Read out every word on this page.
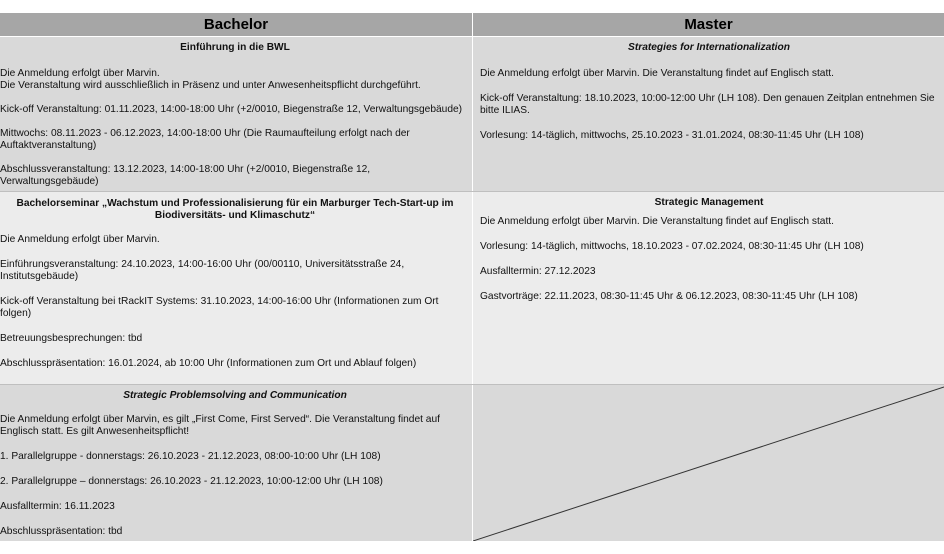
Bachelor	Master
Einführung in die BWL
Die Anmeldung erfolgt über Marvin.
Die Veranstaltung wird ausschließlich in Präsenz und unter Anwesenheitspflicht durchgeführt.
Kick-off Veranstaltung: 01.11.2023, 14:00-18:00 Uhr (+2/0010, Biegenstraße 12, Verwaltungsgebäude)
Mittwochs: 08.11.2023 - 06.12.2023, 14:00-18:00 Uhr (Die Raumaufteilung erfolgt nach der
Auftaktveranstaltung)
Abschlussveranstaltung: 13.12.2023, 14:00-18:00 Uhr (+2/0010, Biegenstraße 12,
Verwaltungsgebäude)
Strategies for Internationalization
Die Anmeldung erfolgt über Marvin. Die Veranstaltung findet auf Englisch statt.
Kick-off Veranstaltung: 18.10.2023, 10:00-12:00 Uhr (LH 108). Den genauen Zeitplan entnehmen Sie
bitte ILIAS.
Vorlesung: 14-täglich, mittwochs, 25.10.2023 - 31.01.2024, 08:30-11:45 Uhr (LH 108)
Bachelorseminar „Wachstum und Professionalisierung für ein Marburger Tech-Start-up im
Biodiversitäts- und Klimaschutz“
Die Anmeldung erfolgt über Marvin.
Einführungsveranstaltung: 24.10.2023, 14:00-16:00 Uhr (00/00110, Universitätsstraße 24,
Institutsgebäude)
Kick-off Veranstaltung bei tRackIT Systems: 31.10.2023, 14:00-16:00 Uhr (Informationen zum Ort
folgen)
Betreuungsbesprechungen: tbd
Abschlusspräsentation: 16.01.2024, ab 10:00 Uhr (Informationen zum Ort und Ablauf folgen)
Strategic Management
Die Anmeldung erfolgt über Marvin. Die Veranstaltung findet auf Englisch statt.
Vorlesung: 14-täglich, mittwochs, 18.10.2023 - 07.02.2024, 08:30-11:45 Uhr (LH 108)
Ausfalltermin: 27.12.2023
Gastvorträge: 22.11.2023, 08:30-11:45 Uhr & 06.12.2023, 08:30-11:45 Uhr (LH 108)
Strategic Problemsolving and Communication
Die Anmeldung erfolgt über Marvin, es gilt „First Come, First Served“. Die Veranstaltung findet auf
Englisch statt. Es gilt Anwesenheitspflicht!
1. Parallelgruppe - donnerstags: 26.10.2023 - 21.12.2023, 08:00-10:00 Uhr (LH 108)
2. Parallelgruppe – donnerstags: 26.10.2023 - 21.12.2023, 10:00-12:00 Uhr (LH 108)
Ausfalltermin: 16.11.2023
Abschlusspräsentation: tbd
